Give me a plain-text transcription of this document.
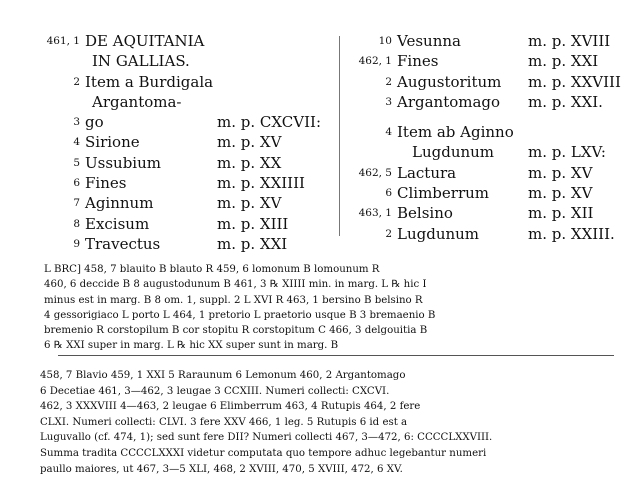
461, 1 DE AQUITANIA
IN GALLIAS.
2 Item a Burdigala
Argantoma-
3 go	m. p. CXCVII:
4 Sirione	m. p. XV
5 Ussubium	m. p. XX
6 Fines	m. p. XXIIII
7 Aginnum	m. p. XV
8 Excisum	m. p. XIII
9 Travectus	m. p. XXI
10 Vesunna	m. p. XVIII
462, 1 Fines	m. p. XXI
2 Augustoritum m. p. XXVIII
3 Argantomago m. p. XXI.
4 Item ab Aginno
Lugdunum m. p. LXV:
462, 5 Lactura	m. p. XV
6 Climberrum	m. p. XV
463, 1 Belsino	m. p. XII
2 Lugdunum	m. p. XXIII.
L BRC] 458, 7 blauito B blauto R 459, 6 lomonum B lomounum R
460, 6 deccide B 8 augustodunum B 461, 3 ℞ XIIII min. in marg. L ℞ hic I
minus est in marg. B 8 om. 1, suppl. 2 L XVI R 463, 1 bersino B belsino R
4 gessorigiaco L porto L 464, 1 pretorio L praetorio usque B 3 bremaenio B
bremenio R corstopilum B cor stopitu R corstopitum C 466, 3 delgouitia B
6 ℞ XXI super in marg. L ℞ hic XX super sunt in marg. B
458, 7 Blavio 459, 1 XXI 5 Raraunum 6 Lemonum 460, 2 Argantomago
6 Decetiae 461, 3—462, 3 leugae 3 CCXIII. Numeri collecti: CXCVI.
462, 3 XXXVIII 4—463, 2 leugae 6 Elimberrum 463, 4 Rutupis 464, 2 fere
CLXI. Numeri collecti: CLVI. 3 fere XXV 466, 1 leg. 5 Rutupis 6 id est a
Luguvallo (cf. 474, 1); sed sunt fere DII? Numeri collecti 467, 3—472, 6: CCCCLXXVIII.
Summa tradita CCCCLXXXI videtur computata quo tempore adhuc legebantur numeri
paullo maiores, ut 467, 3—5 XLI, 468, 2 XVIII, 470, 5 XVIII, 472, 6 XV.
